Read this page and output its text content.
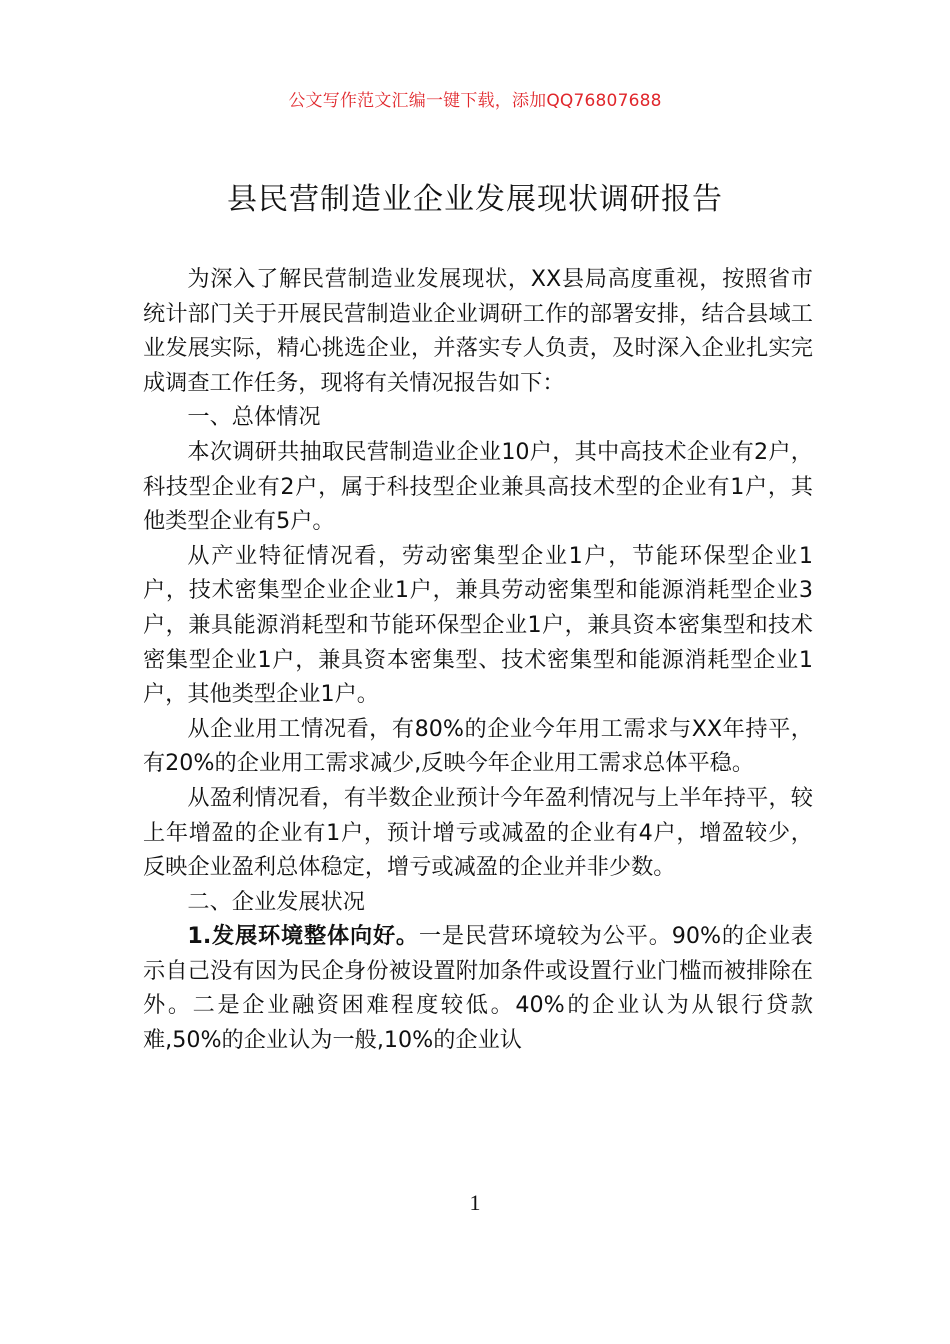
公文写作范文汇编一键下载，添加QQ76807688
县民营制造业企业发展现状调研报告

为深入了解民营制造业发展现状，XX县局高度重视，按照省市统计部门关于开展民营制造业企业调研工作的部署安排，结合县域工业发展实际，精心挑选企业，并落实专人负责，及时深入企业扎实完成调查工作任务，现将有关情况报告如下：

一、总体情况

本次调研共抽取民营制造业企业10户，其中高技术企业有2户，科技型企业有2户，属于科技型企业兼具高技术型的企业有1户，其他类型企业有5户。

从产业特征情况看，劳动密集型企业1户，节能环保型企业1户，技术密集型企业企业1户，兼具劳动密集型和能源消耗型企业3户，兼具能源消耗型和节能环保型企业1户，兼具资本密集型和技术密集型企业1户，兼具资本密集型、技术密集型和能源消耗型企业1户，其他类型企业1户。

从企业用工情况看，有80%的企业今年用工需求与XX年持平，有20%的企业用工需求减少,反映今年企业用工需求总体平稳。

从盈利情况看，有半数企业预计今年盈利情况与上半年持平，较上年增盈的企业有1户，预计增亏或减盈的企业有4户，增盈较少，反映企业盈利总体稳定，增亏或减盈的企业并非少数。

二、企业发展状况

1.发展环境整体向好。一是民营环境较为公平。90%的企业表示自己没有因为民企身份被设置附加条件或设置行业门槛而被排除在外。二是企业融资困难程度较低。40%的企业认为从银行贷款难,50%的企业认为一般,10%的企业认

1
